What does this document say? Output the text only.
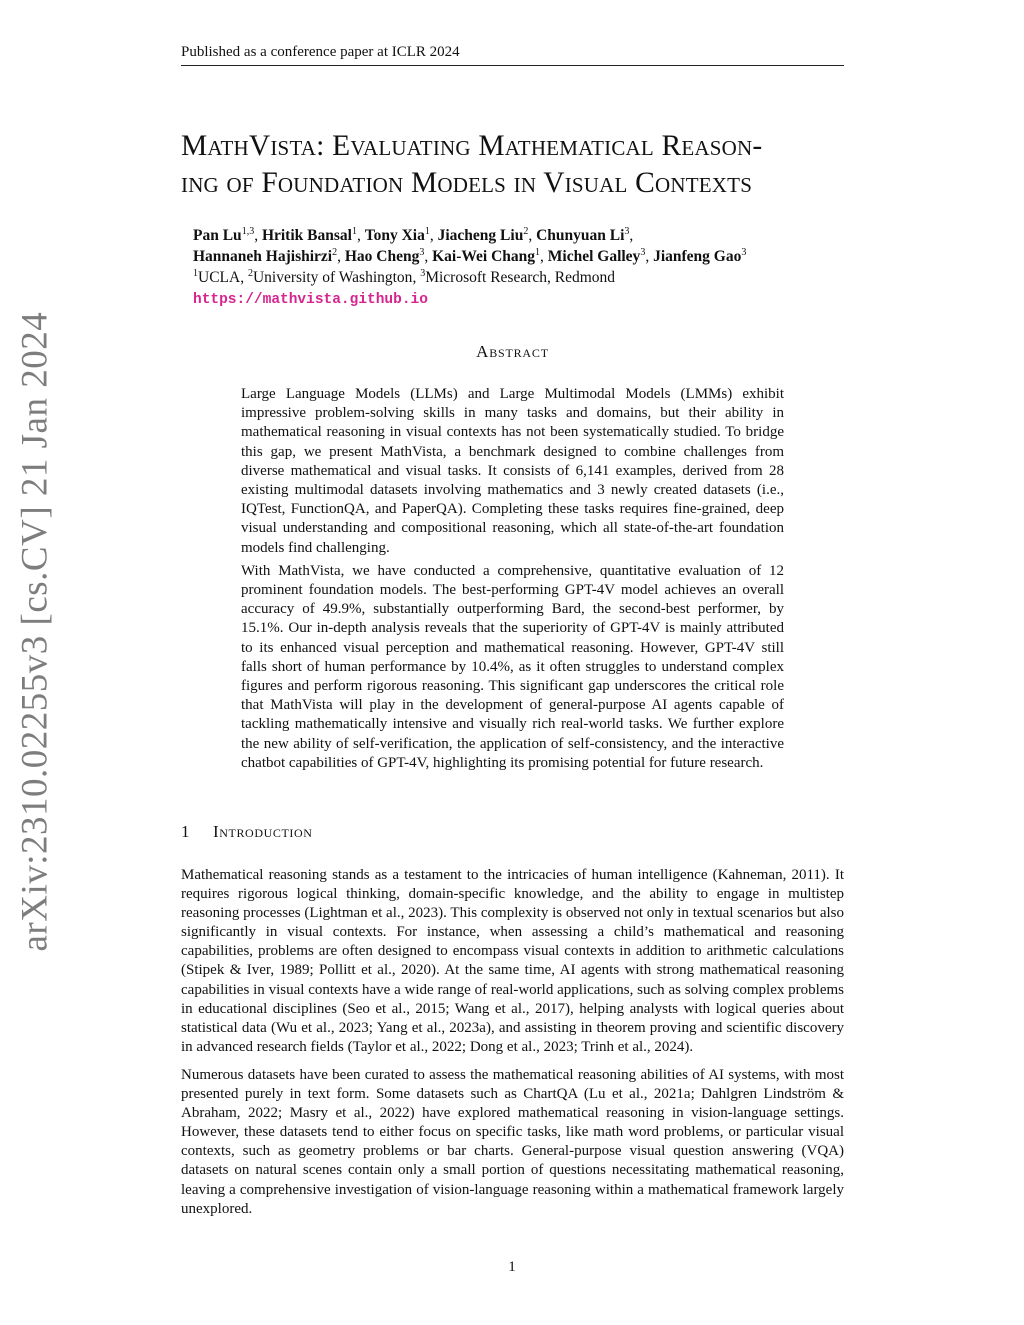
arXiv:2310.02255v3 [cs.CV] 21 Jan 2024
Published as a conference paper at ICLR 2024
MathVista: Evaluating Mathematical Reason-
ing of Foundation Models in Visual Contexts
Pan Lu$^{1,3}$, Hritik Bansal$^1$, Tony Xia$^1$, Jiacheng Liu$^2$, Chunyuan Li$^3$,
Hannaneh Hajishirzi$^2$, Hao Cheng$^3$, Kai-Wei Chang$^1$, Michel Galley$^3$, Jianfeng Gao$^3$
$^1$UCLA, $^2$University of Washington, $^3$Microsoft Research, Redmond
https://mathvista.github.io
Abstract

Large Language Models (LLMs) and Large Multimodal Models (LMMs) exhibit impressive problem-solving skills in many tasks and domains, but their ability in mathematical reasoning in visual contexts has not been systematically studied. To bridge this gap, we present MathVista, a benchmark designed to combine challenges from diverse mathematical and visual tasks. It consists of 6,141 examples, derived from 28 existing multimodal datasets involving mathematics and 3 newly created datasets (i.e., IQTest, FunctionQA, and PaperQA). Completing these tasks requires fine-grained, deep visual understanding and compositional reasoning, which all state-of-the-art foundation models find challenging.

With MathVista, we have conducted a comprehensive, quantitative evaluation of 12 prominent foundation models. The best-performing GPT-4V model achieves an overall accuracy of 49.9%, substantially outperforming Bard, the second-best performer, by 15.1%. Our in-depth analysis reveals that the superiority of GPT-4V is mainly attributed to its enhanced visual perception and mathematical reasoning. However, GPT-4V still falls short of human performance by 10.4%, as it often struggles to understand complex figures and perform rigorous reasoning. This significant gap underscores the critical role that MathVista will play in the development of general-purpose AI agents capable of tackling mathematically intensive and visually rich real-world tasks. We further explore the new ability of self-verification, the application of self-consistency, and the interactive chatbot capabilities of GPT-4V, highlighting its promising potential for future research.

1 Introduction

Mathematical reasoning stands as a testament to the intricacies of human intelligence (Kahneman, 2011). It requires rigorous logical thinking, domain-specific knowledge, and the ability to engage in multistep reasoning processes (Lightman et al., 2023). This complexity is observed not only in textual scenarios but also significantly in visual contexts. For instance, when assessing a child’s mathematical and reasoning capabilities, problems are often designed to encompass visual contexts in addition to arithmetic calculations (Stipek & Iver, 1989; Pollitt et al., 2020). At the same time, AI agents with strong mathematical reasoning capabilities in visual contexts have a wide range of real-world applications, such as solving complex problems in educational disciplines (Seo et al., 2015; Wang et al., 2017), helping analysts with logical queries about statistical data (Wu et al., 2023; Yang et al., 2023a), and assisting in theorem proving and scientific discovery in advanced research fields (Taylor et al., 2022; Dong et al., 2023; Trinh et al., 2024).

Numerous datasets have been curated to assess the mathematical reasoning abilities of AI systems, with most presented purely in text form. Some datasets such as ChartQA (Lu et al., 2021a; Dahlgren Lindström & Abraham, 2022; Masry et al., 2022) have explored mathematical reasoning in vision-language settings. However, these datasets tend to either focus on specific tasks, like math word problems, or particular visual contexts, such as geometry problems or bar charts. General-purpose visual question answering (VQA) datasets on natural scenes contain only a small portion of questions necessitating mathematical reasoning, leaving a comprehensive investigation of vision-language reasoning within a mathematical framework largely unexplored.

1
